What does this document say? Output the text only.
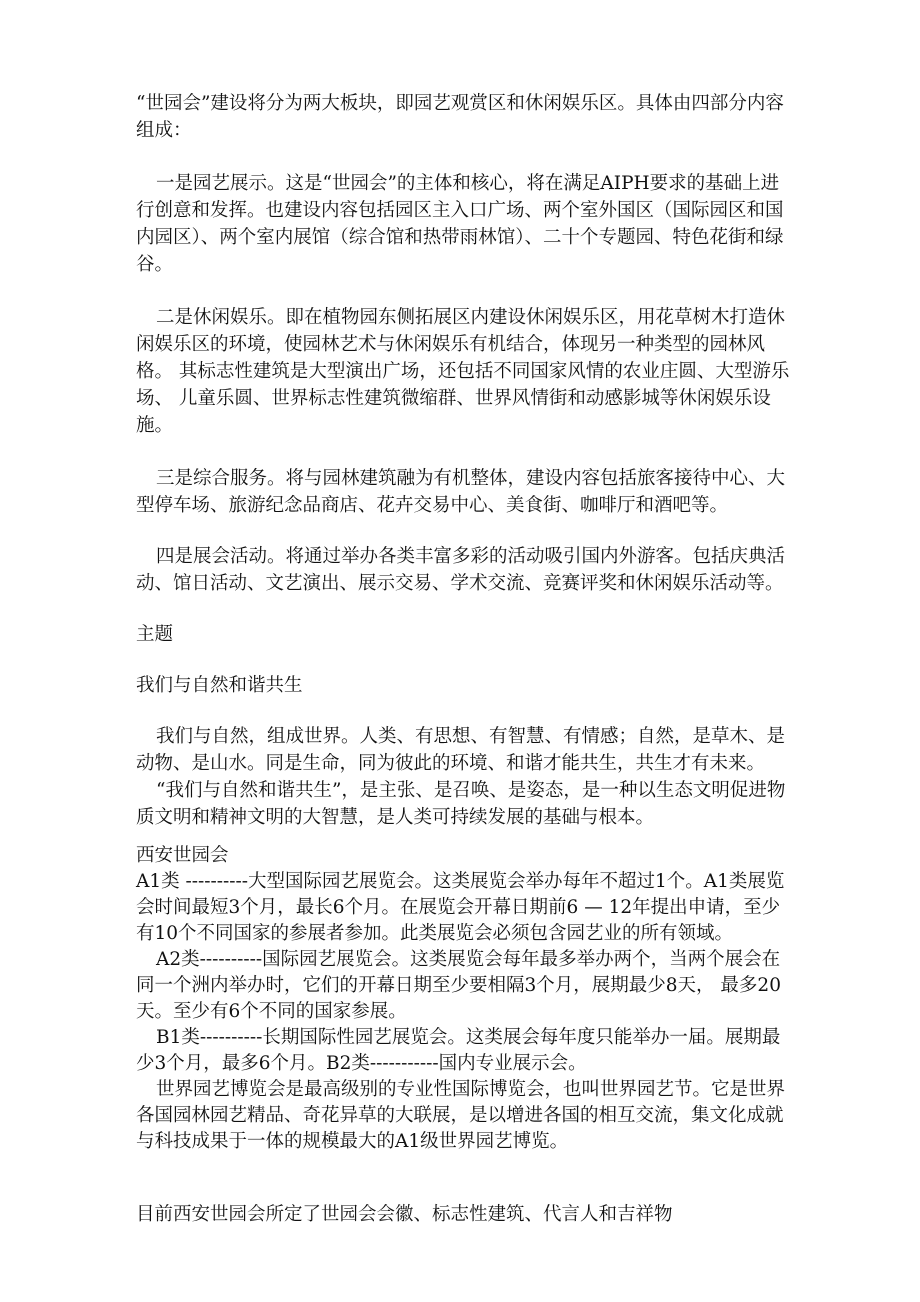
“世园会”建设将分为两大板块，即园艺观赏区和休闲娱乐区。具体由四部分内容组成：

一是园艺展示。这是“世园会”的主体和核心，将在满足AIPH要求的基础上进 行创意和发挥。也建设内容包括园区主入口广场、两个室外国区（国际园区和国内园区）、两个室内展馆（综合馆和热带雨林馆）、二十个专题园、特色花街和绿谷。

二是休闲娱乐。即在植物园东侧拓展区内建设休闲娱乐区，用花草树木打造休闲娱乐区的环境，使园林艺术与休闲娱乐有机结合，体现另一种类型的园林风格。 其标志性建筑是大型演出广场，还包括不同国家风情的农业庄圆、大型游乐场、 儿童乐圆、世界标志性建筑微缩群、世界风情街和动感影城等休闲娱乐设施。

三是综合服务。将与园林建筑融为有机整体，建设内容包括旅客接待中心、大型停车场、旅游纪念品商店、花卉交易中心、美食街、咖啡厅和酒吧等。

四是展会活动。将通过举办各类丰富多彩的活动吸引国内外游客。包括庆典活动、馆日活动、文艺演出、展示交易、学术交流、竞赛评奖和休闲娱乐活动等。

主题

我们与自然和谐共生

我们与自然，组成世界。人类、有思想、有智慧、有情感；自然，是草木、是动物、是山水。同是生命，同为彼此的环境、和谐才能共生，共生才有未来。

“我们与自然和谐共生”，是主张、是召唤、是姿态，是一种以生态文明促进物质文明和精神文明的大智慧，是人类可持续发展的基础与根本。

西安世园会

A1类 ----------大型国际园艺展览会。这类展览会举办每年不超过1个。A1类展览会时间最短3个月，最长6个月。在展览会开幕日期前6 — 12年提出申请，至少有10个不同国家的参展者参加。此类展览会必须包含园艺业的所有领域。

A2类----------国际园艺展览会。这类展览会每年最多举办两个，当两个展会在同一个洲内举办时，它们的开幕日期至少要相隔3个月，展期最少8天， 最多20天。至少有6个不同的国家参展。

B1类----------长期国际性园艺展览会。这类展会每年度只能举办一届。展期最少3个月，最多6个月。B2类-----------国内专业展示会。

世界园艺博览会是最高级别的专业性国际博览会，也叫世界园艺节。它是世界各国园林园艺精品、奇花异草的大联展，是以增进各国的相互交流，集文化成就与科技成果于一体的规模最大的A1级世界园艺博览。

目前西安世园会所定了世园会会徽、标志性建筑、代言人和吉祥物
